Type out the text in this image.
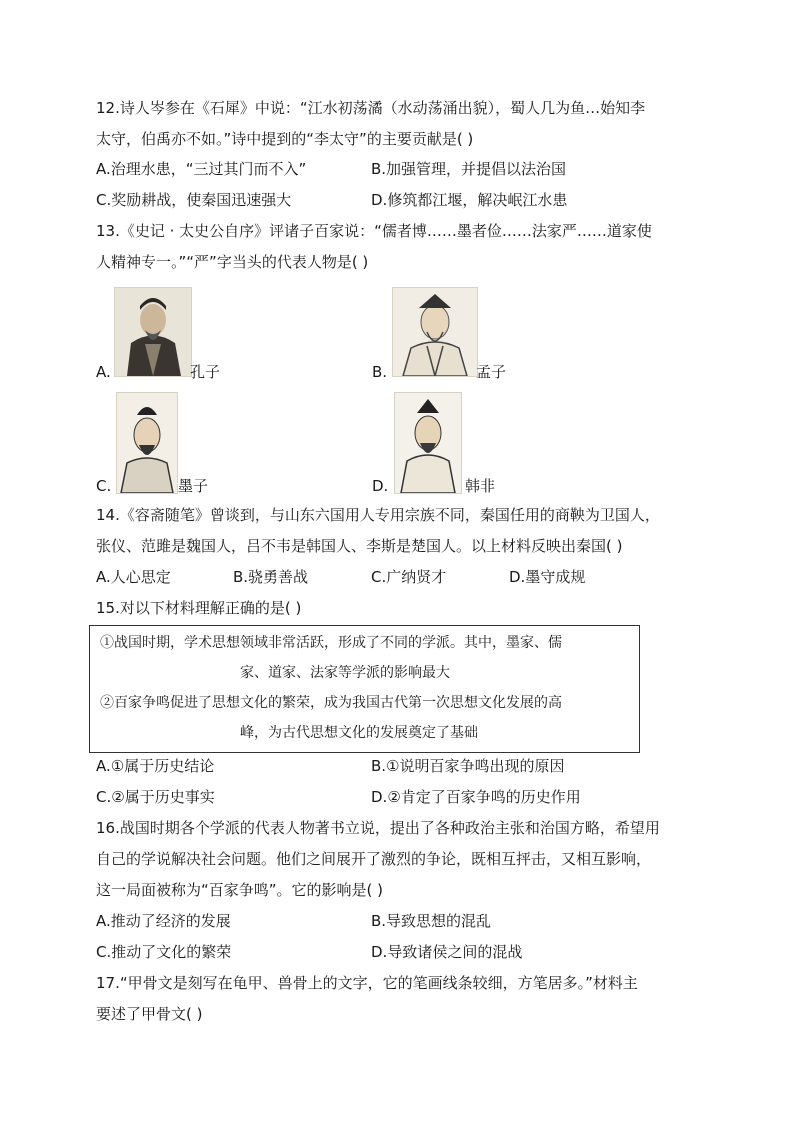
12.诗人岑参在《石犀》中说：“江水初荡潏（水动荡涌出貌），蜀人几为鱼…始知李
太守，伯禹亦不如。”诗中提到的“李太守”的主要贡献是( )
A.治理水患，“三过其门而不入”	B.加强管理，并提倡以法治国
C.奖励耕战，使秦国迅速强大	D.修筑都江堰，解决岷江水患
13.《史记 · 太史公自序》评诸子百家说：“儒者博……墨者俭……法家严……道家使
人精神专一。”“严”字当头的代表人物是( )
A.	孔子	B.	孟子
C.	墨子	D.	韩非
14.《容斋随笔》曾谈到，与山东六国用人专用宗族不同，秦国任用的商鞅为卫国人，
张仪、范雎是魏国人，吕不韦是韩国人、李斯是楚国人。以上材料反映出秦国( )
A.人心思定	B.骁勇善战	C.广纳贤才	D.墨守成规
15.对以下材料理解正确的是( )
①战国时期，学术思想领域非常活跃，形成了不同的学派。其中，墨家、儒
家、道家、法家等学派的影响最大
②百家争鸣促进了思想文化的繁荣，成为我国古代第一次思想文化发展的高
峰，为古代思想文化的发展奠定了基础
A.①属于历史结论	B.①说明百家争鸣出现的原因
C.②属于历史事实	D.②肯定了百家争鸣的历史作用
16.战国时期各个学派的代表人物著书立说，提出了各种政治主张和治国方略，希望用
自己的学说解决社会问题。他们之间展开了激烈的争论，既相互抨击，又相互影响，
这一局面被称为“百家争鸣”。它的影响是( )
A.推动了经济的发展	B.导致思想的混乱
C.推动了文化的繁荣	D.导致诸侯之间的混战
17.“甲骨文是刻写在龟甲、兽骨上的文字，它的笔画线条较细，方笔居多。”材料主
要述了甲骨文( )
